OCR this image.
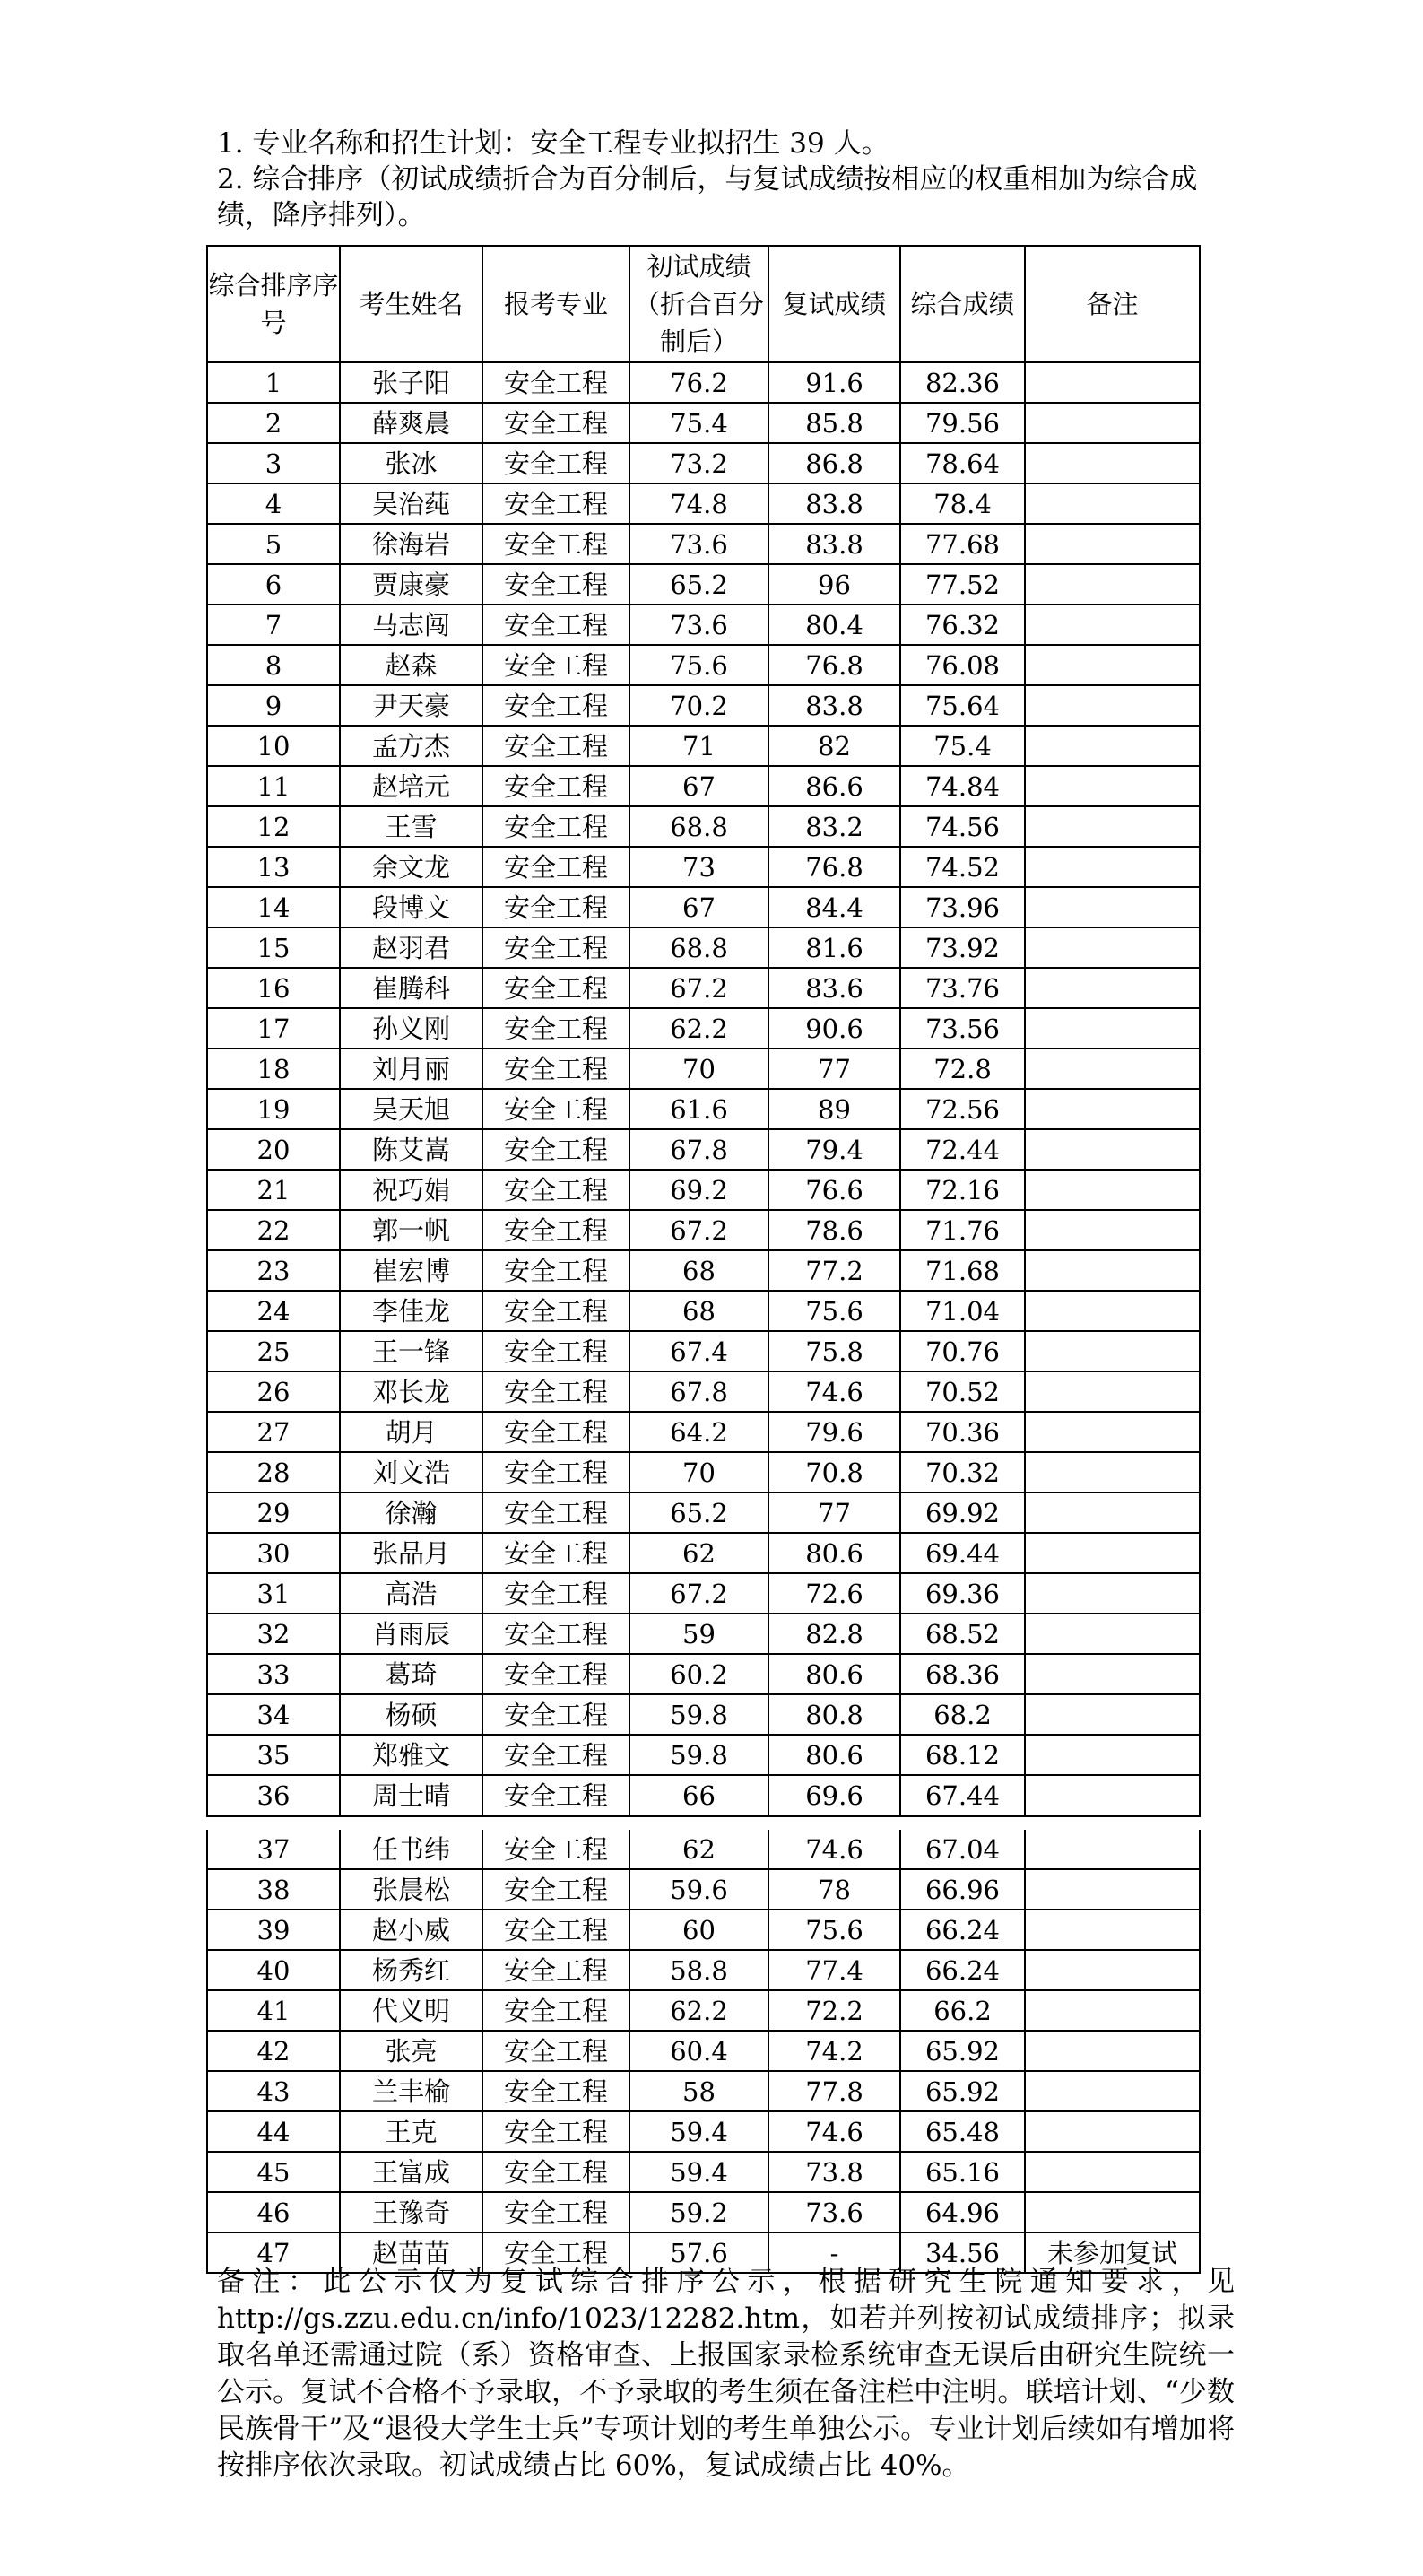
1. 专业名称和招生计划：安全工程专业拟招生 39 人。

2. 综合排序（初试成绩折合为百分制后，与复试成绩按相应的权重相加为综合成绩，降序排列）。

综合排序序号	考生姓名	报考专业	初试成绩（折合百分制后）	复试成绩	综合成绩	备注
1	张子阳	安全工程	76.2	91.6	82.36	
2	薛爽晨	安全工程	75.4	85.8	79.56	
3	张冰	安全工程	73.2	86.8	78.64	
4	吴治莼	安全工程	74.8	83.8	78.4	
5	徐海岩	安全工程	73.6	83.8	77.68	
6	贾康豪	安全工程	65.2	96	77.52	
7	马志闯	安全工程	73.6	80.4	76.32	
8	赵森	安全工程	75.6	76.8	76.08	
9	尹天豪	安全工程	70.2	83.8	75.64	
10	孟方杰	安全工程	71	82	75.4	
11	赵培元	安全工程	67	86.6	74.84	
12	王雪	安全工程	68.8	83.2	74.56	
13	余文龙	安全工程	73	76.8	74.52	
14	段博文	安全工程	67	84.4	73.96	
15	赵羽君	安全工程	68.8	81.6	73.92	
16	崔腾科	安全工程	67.2	83.6	73.76	
17	孙义刚	安全工程	62.2	90.6	73.56	
18	刘月丽	安全工程	70	77	72.8	
19	吴天旭	安全工程	61.6	89	72.56	
20	陈艾嵩	安全工程	67.8	79.4	72.44	
21	祝巧娟	安全工程	69.2	76.6	72.16	
22	郭一帆	安全工程	67.2	78.6	71.76	
23	崔宏博	安全工程	68	77.2	71.68	
24	李佳龙	安全工程	68	75.6	71.04	
25	王一锋	安全工程	67.4	75.8	70.76	
26	邓长龙	安全工程	67.8	74.6	70.52	
27	胡月	安全工程	64.2	79.6	70.36	
28	刘文浩	安全工程	70	70.8	70.32	
29	徐瀚	安全工程	65.2	77	69.92	
30	张品月	安全工程	62	80.6	69.44	
31	高浩	安全工程	67.2	72.6	69.36	
32	肖雨辰	安全工程	59	82.8	68.52	
33	葛琦	安全工程	60.2	80.6	68.36	
34	杨硕	安全工程	59.8	80.8	68.2	
35	郑雅文	安全工程	59.8	80.6	68.12	
36	周士晴	安全工程	66	69.6	67.44	
37	任书纬	安全工程	62	74.6	67.04	
38	张晨松	安全工程	59.6	78	66.96	
39	赵小威	安全工程	60	75.6	66.24	
40	杨秀红	安全工程	58.8	77.4	66.24	
41	代义明	安全工程	62.2	72.2	66.2	
42	张亮	安全工程	60.4	74.2	65.92	
43	兰丰榆	安全工程	58	77.8	65.92	
44	王克	安全工程	59.4	74.6	65.48	
45	王富成	安全工程	59.4	73.8	65.16	
46	王豫奇	安全工程	59.2	73.6	64.96	
47	赵苗苗	安全工程	57.6	-	34.56	未参加复试
备注：此公示仅为复试综合排序公示，根据研究生院通知要求，见 http://gs.zzu.edu.cn/info/1023/12282.htm，如若并列按初试成绩排序；拟录取名单还需通过院（系）资格审查、上报国家录检系统审查无误后由研究生院统一公示。复试不合格不予录取，不予录取的考生须在备注栏中注明。联培计划、“少数民族骨干”及“退役大学生士兵”专项计划的考生单独公示。专业计划后续如有增加将按排序依次录取。初试成绩占比 60%，复试成绩占比 40%。
